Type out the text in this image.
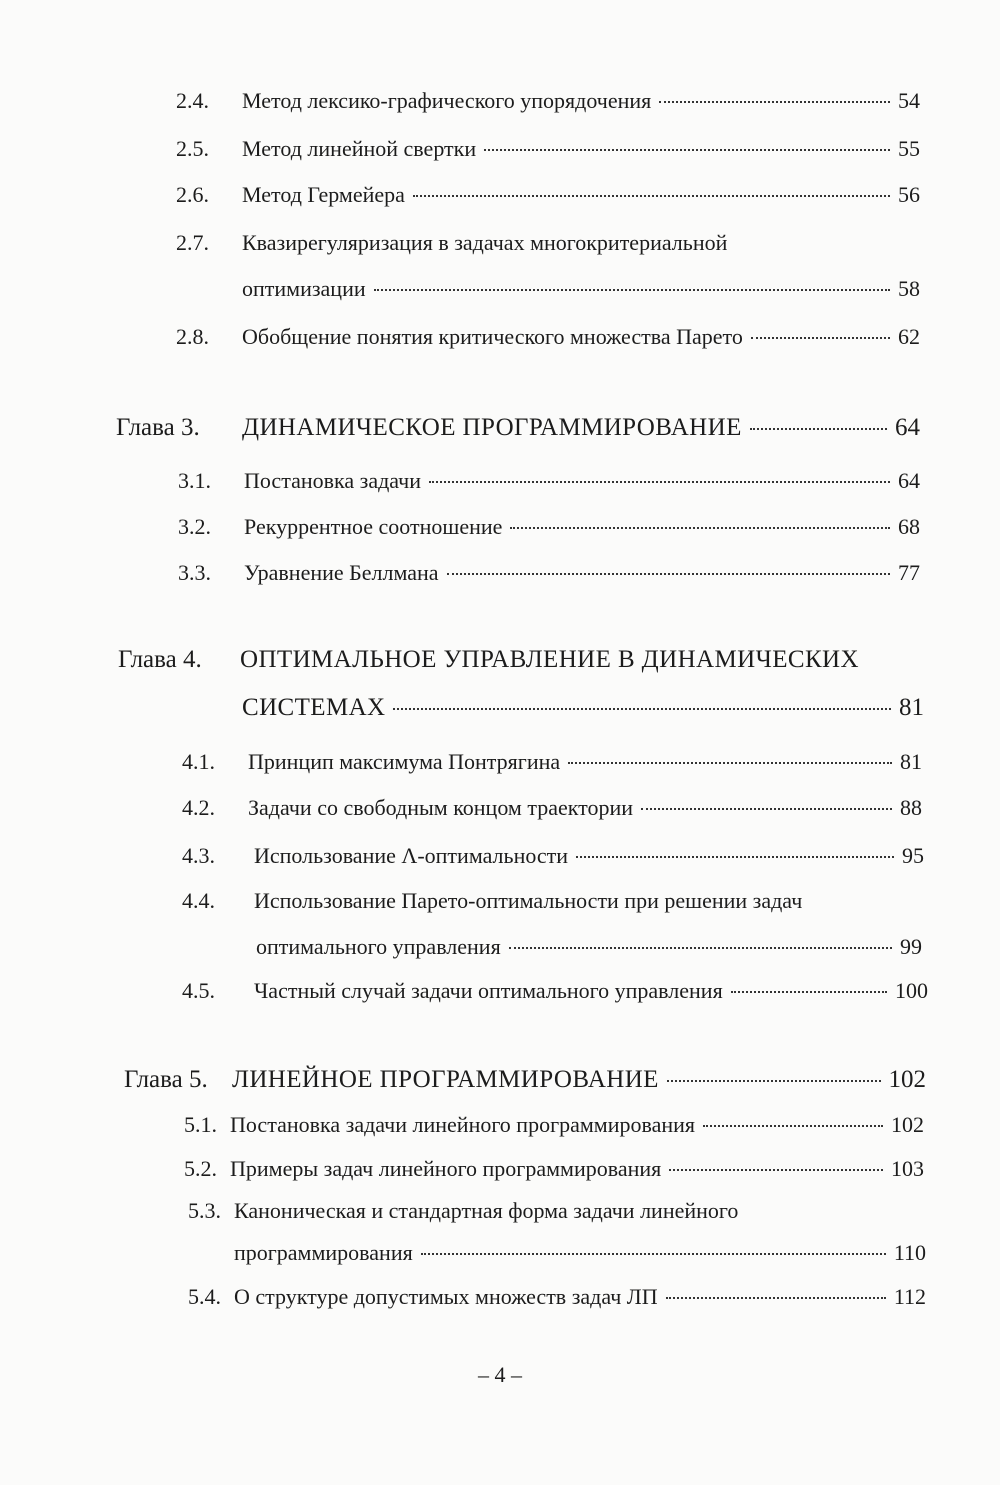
2.4.	Метод лексико-графического упорядочения	54
2.5.	Метод линейной свертки	55
2.6.	Метод Гермейера	56
2.7.	Квазирегуляризация в задачах многокритериальной
оптимизации	58
2.8.	Обобщение понятия критического множества Парето	62
Глава 3.	ДИНАМИЧЕСКОЕ ПРОГРАММИРОВАНИЕ	64
3.1.	Постановка задачи	64
3.2.	Рекуррентное соотношение	68
3.3.	Уравнение Беллмана	77
Глава 4.	ОПТИМАЛЬНОЕ УПРАВЛЕНИЕ В ДИНАМИЧЕСКИХ
СИСТЕМАХ	81
4.1.	Принцип максимума Понтрягина	81
4.2.	Задачи со свободным концом траектории	88
4.3.	Использование Λ-оптимальности	95
4.4.	Использование Парето-оптимальности при решении задач
оптимального управления	99
4.5.	Частный случай задачи оптимального управления	100
Глава 5. ЛИНЕЙНОЕ ПРОГРАММИРОВАНИЕ	102
5.1. Постановка задачи линейного программирования	102
5.2. Примеры задач линейного программирования	103
5.3. Каноническая и стандартная форма задачи линейного
программирования	110
5.4. О структуре допустимых множеств задач ЛП	112
– 4 –
